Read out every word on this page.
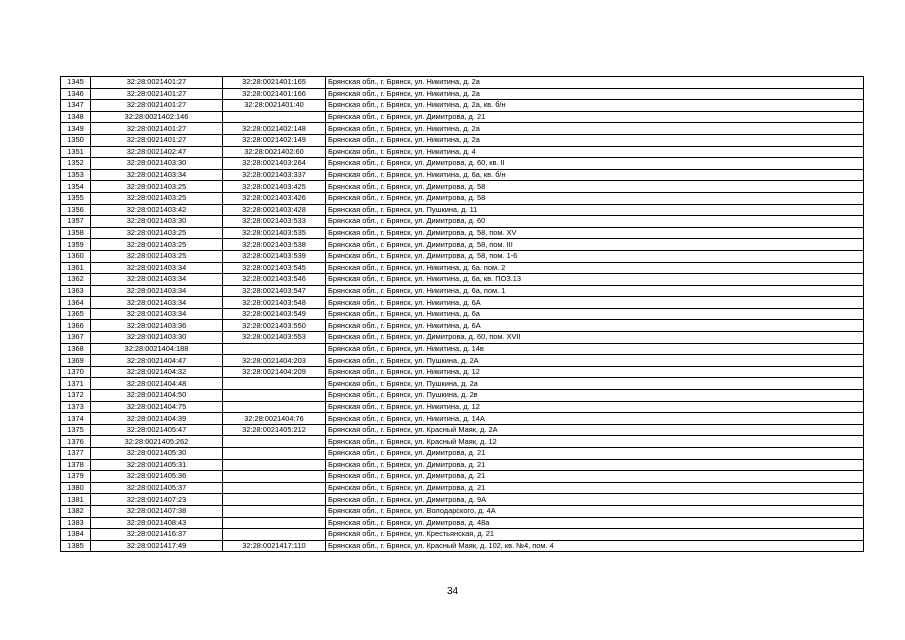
1345	32:28:0021401:27	32:28:0021401:165	Брянская обл., г. Брянск, ул. Никитина, д. 2а
1346	32:28:0021401:27	32:28:0021401:166	Брянская обл., г. Брянск, ул. Никитина, д. 2а
1347	32:28:0021401:27	32:28:0021401:40	Брянская обл., г. Брянск, ул. Никитина, д. 2а, кв. б/н
1348	32:28:0021402:146		Брянская обл., г. Брянск, ул. Димитрова, д. 21
1349	32:28:0021401:27	32:28:0021402:148	Брянская обл., г. Брянск, ул. Никитина, д. 2а
1350	32:28:0021401:27	32:28:0021402:149	Брянская обл., г. Брянск, ул. Никитина, д. 2а
1351	32:28:0021402:47	32:28:0021402:60	Брянская обл., г. Брянск, ул. Никитина, д. 4
1352	32:28:0021403:30	32:28:0021403:264	Брянская обл., г. Брянск, ул. Димитрова, д. 60, кв. II
1353	32:28:0021403:34	32:28:0021403:337	Брянская обл., г. Брянск, ул. Никитина, д. 6а, кв. б/н
1354	32:28:0021403:25	32:28:0021403:425	Брянская обл., г. Брянск, ул. Димитрова, д. 58
1355	32:28:0021403:25	32:28:0021403:426	Брянская обл., г. Брянск, ул. Димитрова, д. 58
1356	32:28:0021403:42	32:28:0021403:428	Брянская обл., г. Брянск, ул. Пушкина, д. 11
1357	32:28:0021403:30	32:28:0021403:533	Брянская обл., г. Брянск, ул. Димитрова, д. 60
1358	32:28:0021403:25	32:28:0021403:535	Брянская обл., г. Брянск, ул. Димитрова, д. 58, пом. XV
1359	32:28:0021403:25	32:28:0021403:538	Брянская обл., г. Брянск, ул. Димитрова, д. 58, пом. III
1360	32:28:0021403:25	32:28:0021403:539	Брянская обл., г. Брянск, ул. Димитрова, д. 58, пом. 1-6
1361	32:28:0021403:34	32:28:0021403:545	Брянская обл., г. Брянск, ул. Никитина, д. 6а. пом. 2
1362	32:28:0021403:34	32:28:0021403:546	Брянская обл., г. Брянск, ул. Никитина, д. 6а, кв. ПОЗ.13
1363	32:28:0021403:34	32:28:0021403:547	Брянская обл., г. Брянск, ул. Никитина, д. 6а, пом. 1
1364	32:28:0021403:34	32:28:0021403:548	Брянская обл., г. Брянск, ул. Никитина, д. 6А
1365	32:28:0021403:34	32:28:0021403:549	Брянская обл., г. Брянск, ул. Никитина, д. 6а
1366	32:28:0021403:36	32:28:0021403:550	Брянская обл., г. Брянск, ул. Никитина, д. 6А
1367	32:28:0021403:30	32:28:0021403:553	Брянская обл., г. Брянск, ул. Димитрова, д. 60, пом. XVII
1368	32:28:0021404:188		Брянская обл., г. Брянск, ул. Никитина, д. 14в
1369	32:28:0021404:47	32:28:0021404:203	Брянская обл., г. Брянск, ул. Пушкина, д. 2А
1370	32:28:0021404:32	32:28:0021404:209	Брянская обл., г. Брянск, ул. Никитина, д. 12
1371	32:28:0021404:48		Брянская обл., г. Брянск, ул. Пушкина, д. 2а
1372	32:28:0021404:50		Брянская обл., г. Брянск, ул. Пушкина, д. 2в
1373	32:28:0021404:75		Брянская обл., г. Брянск, ул. Никитина, д. 12
1374	32:28:0021404:39	32:28:0021404:76	Брянская обл., г. Брянск, ул. Никитина, д. 14А
1375	32:28:0021405:47	32:28:0021405:212	Брянская обл., г. Брянск, ул. Красный Маяк, д. 2А
1376	32:28:0021405:262		Брянская обл., г. Брянск, ул. Красный Маяк, д. 12
1377	32:28:0021405:30		Брянская обл., г. Брянск, ул. Димитрова, д. 21
1378	32:28:0021405:31		Брянская обл., г. Брянск, ул. Димитрова, д. 21
1379	32:28:0021405:36		Брянская обл., г. Брянск, ул. Димитрова, д. 21
1380	32:28:0021405:37		Брянская обл., г. Брянск, ул. Димитрова, д. 21
1381	32:28:0021407:23		Брянская обл., г. Брянск, ул. Димитрова, д. 9А
1382	32:28:0021407:38		Брянская обл., г. Брянск, ул. Володарского, д. 4А
1383	32:28:0021408:43		Брянская обл., г. Брянск, ул. Димитрова, д. 48а
1384	32:28:0021416:37		Брянская обл., г. Брянск, ул. Крестьянская, д. 21
1385	32:28:0021417:49	32:28:0021417:110	Брянская обл., г. Брянск, ул. Красный Маяк, д. 102, кв. №4, пом. 4
34
